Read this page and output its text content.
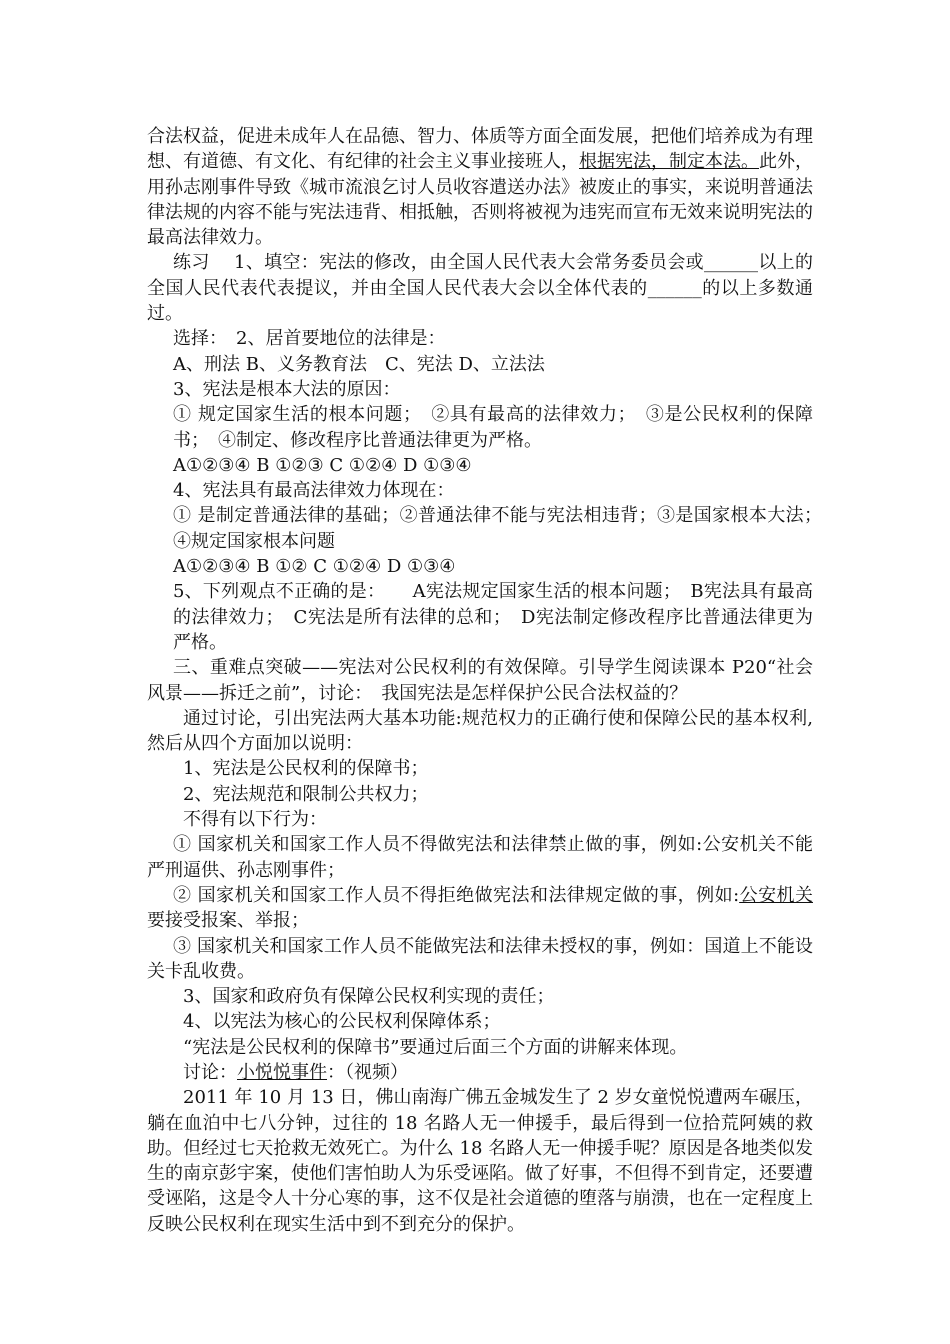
合法权益，促进未成年人在品德、智力、体质等方面全面发展，把他们培养成为有理想、有道德、有文化、有纪律的社会主义事业接班人，根据宪法，制定本法。此外，用孙志刚事件导致《城市流浪乞讨人员收容遣送办法》被废止的事实，来说明普通法律法规的内容不能与宪法违背、相抵触，否则将被视为违宪而宣布无效来说明宪法的最高法律效力。

练习　 1、填空：宪法的修改，由全国人民代表大会常务委员会或______以上的全国人民代表代表提议，并由全国人民代表大会以全体代表的______的以上多数通过。

选择：　2、居首要地位的法律是：

A、刑法 B、义务教育法　C、宪法 D、立法法

3、宪法是根本大法的原因：

① 规定国家生活的根本问题；　②具有最高的法律效力；　③是公民权利的保障书；　④制定、修改程序比普通法律更为严格。

A①②③④ B ①②③ C ①②④ D ①③④

4、宪法具有最高法律效力体现在：

① 是制定普通法律的基础；②普通法律不能与宪法相违背；③是国家根本大法；　④规定国家根本问题

A①②③④ B ①② C ①②④ D ①③④

5、下列观点不正确的是：　　A宪法规定国家生活的根本问题；　B宪法具有最高的法律效力；　C宪法是所有法律的总和；　D宪法制定修改程序比普通法律更为严格。

三、重难点突破——宪法对公民权利的有效保障。引导学生阅读课本 P20“社会风景——拆迁之前”，讨论：　我国宪法是怎样保护公民合法权益的？

通过讨论，引出宪法两大基本功能:规范权力的正确行使和保障公民的基本权利,然后从四个方面加以说明：

1、宪法是公民权利的保障书；

2、宪法规范和限制公共权力；

不得有以下行为：

① 国家机关和国家工作人员不得做宪法和法律禁止做的事，例如:公安机关不能严刑逼供、孙志刚事件；

② 国家机关和国家工作人员不得拒绝做宪法和法律规定做的事，例如:公安机关要接受报案、举报；

③ 国家机关和国家工作人员不能做宪法和法律未授权的事，例如：国道上不能设关卡乱收费。

3、国家和政府负有保障公民权利实现的责任；

4、以宪法为核心的公民权利保障体系；

“宪法是公民权利的保障书”要通过后面三个方面的讲解来体现。

讨论：小悦悦事件：（视频）

2011 年 10 月 13 日，佛山南海广佛五金城发生了 2 岁女童悦悦遭两车碾压，躺在血泊中七八分钟，过往的 18 名路人无一伸援手，最后得到一位拾荒阿姨的救助。但经过七天抢救无效死亡。为什么 18 名路人无一伸援手呢？原因是各地类似发生的南京彭宇案，使他们害怕助人为乐受诬陷。做了好事，不但得不到肯定，还要遭受诬陷，这是令人十分心寒的事，这不仅是社会道德的堕落与崩溃，也在一定程度上反映公民权利在现实生活中到不到充分的保护。
